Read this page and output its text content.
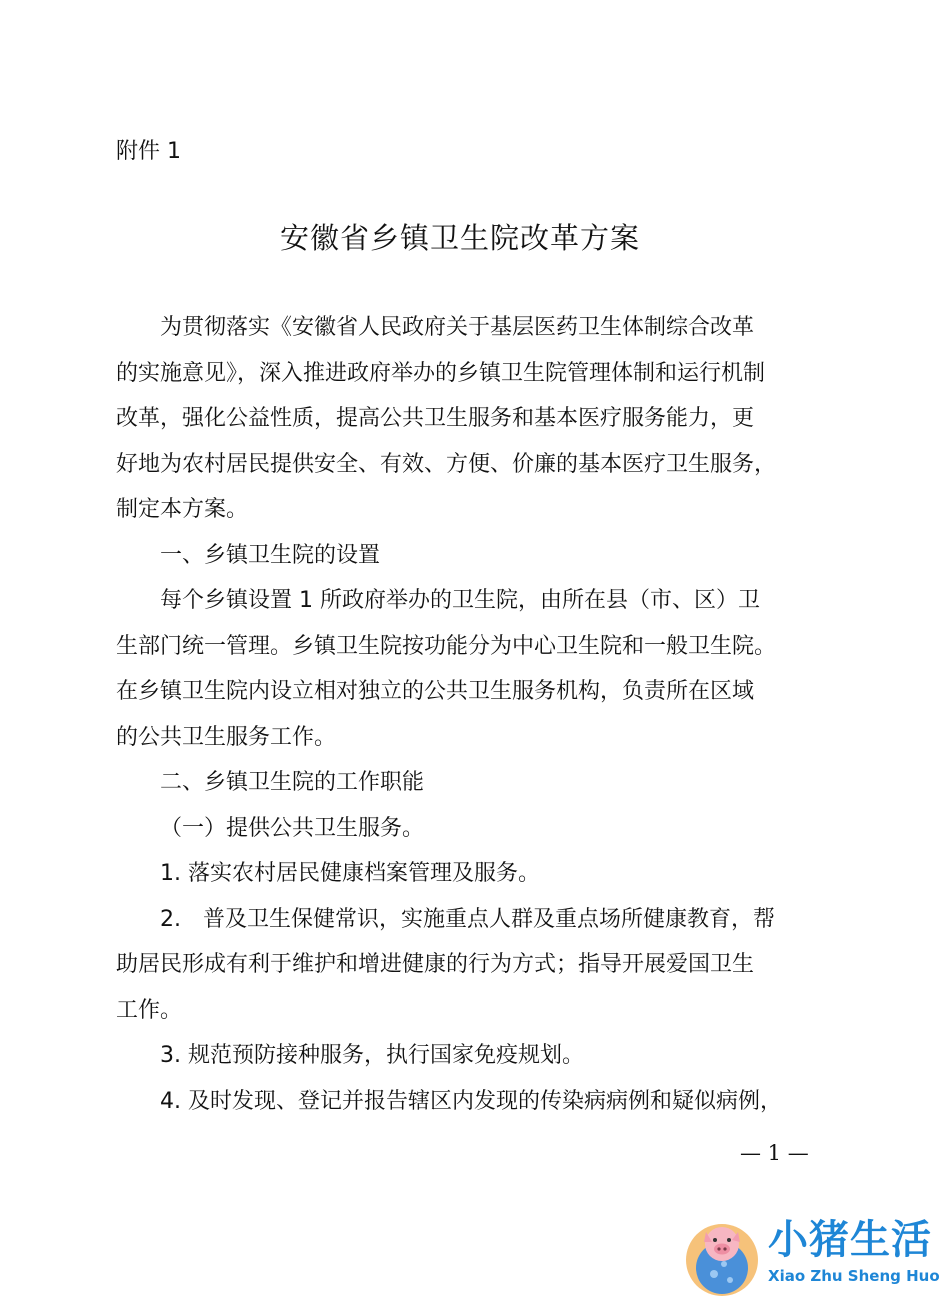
附件 1
安徽省乡镇卫生院改革方案
为贯彻落实《安徽省人民政府关于基层医药卫生体制综合改革
的实施意见》，深入推进政府举办的乡镇卫生院管理体制和运行机制
改革，强化公益性质，提高公共卫生服务和基本医疗服务能力，更
好地为农村居民提供安全、有效、方便、价廉的基本医疗卫生服务，
制定本方案。
一、乡镇卫生院的设置
每个乡镇设置 1 所政府举办的卫生院，由所在县（市、区）卫
生部门统一管理。乡镇卫生院按功能分为中心卫生院和一般卫生院。
在乡镇卫生院内设立相对独立的公共卫生服务机构，负责所在区域
的公共卫生服务工作。
二、乡镇卫生院的工作职能
（一）提供公共卫生服务。
1. 落实农村居民健康档案管理及服务。
2.　普及卫生保健常识，实施重点人群及重点场所健康教育，帮
助居民形成有利于维护和增进健康的行为方式；指导开展爱国卫生
工作。
3. 规范预防接种服务，执行国家免疫规划。
4. 及时发现、登记并报告辖区内发现的传染病病例和疑似病例，
— 1 —
小猪生活
Xiao Zhu Sheng Huo
